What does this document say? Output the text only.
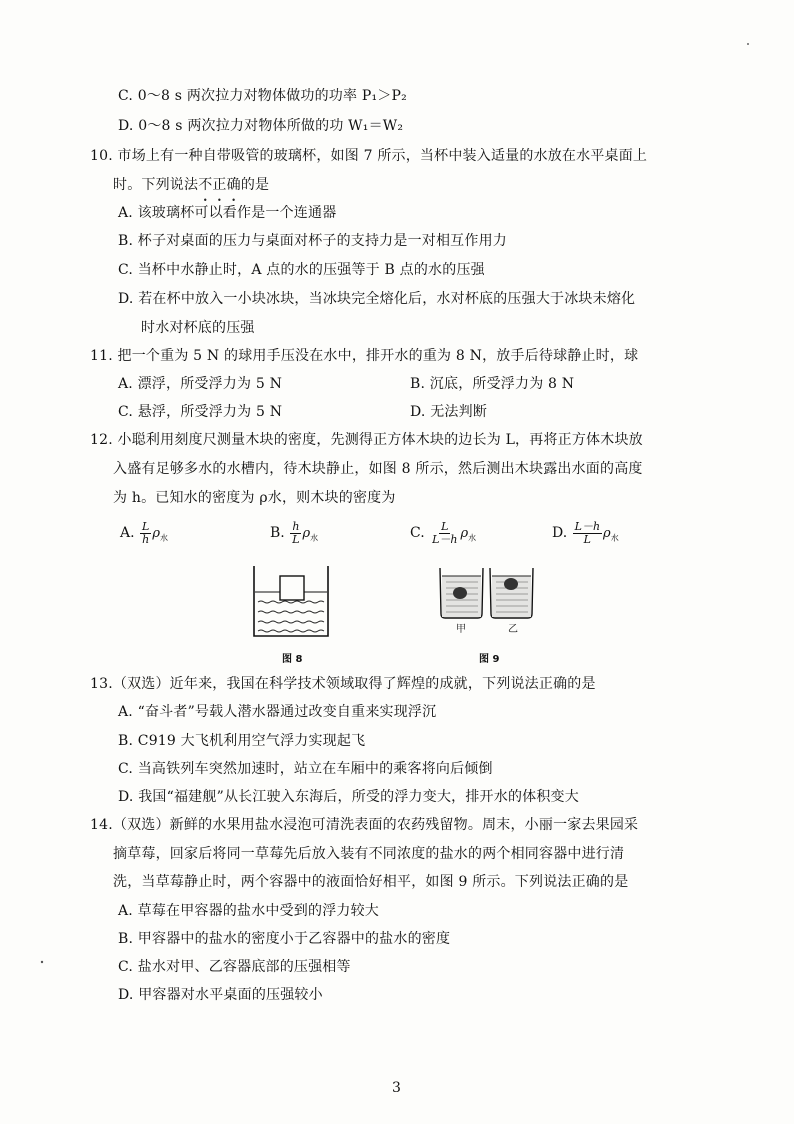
C. 0～8 s 两次拉力对物体做功的功率 P₁＞P₂
D. 0～8 s 两次拉力对物体所做的功 W₁＝W₂
10. 市场上有一种自带吸管的玻璃杯，如图 7 所示，当杯中装入适量的水放在水平桌面上
时。下列说法不正确的是
A. 该玻璃杯可以看作是一个连通器
B. 杯子对桌面的压力与桌面对杯子的支持力是一对相互作用力
C. 当杯中水静止时，A 点的水的压强等于 B 点的水的压强
D. 若在杯中放入一小块冰块，当冰块完全熔化后，水对杯底的压强大于冰块未熔化
时水对杯底的压强
11. 把一个重为 5 N 的球用手压没在水中，排开水的重为 8 N，放手后待球静止时，球
A. 漂浮，所受浮力为 5 N	B. 沉底，所受浮力为 8 N
C. 悬浮，所受浮力为 5 N	D. 无法判断
12. 小聪利用刻度尺测量木块的密度，先测得正方体木块的边长为 L，再将正方体木块放
入盛有足够多水的水槽内，待木块静止，如图 8 所示，然后测出木块露出水面的高度
为 h。已知水的密度为 ρ水，则木块的密度为
A. $\frac{L}{h} \rho_水$	B. $\frac{h}{L} \rho_水$	C. $\frac{L}{L-h} \rho_水$	D. $\frac{L-h}{L} \rho_水$
图 8
甲	乙
图 9
13.（双选）近年来，我国在科学技术领域取得了辉煌的成就，下列说法正确的是
A. “奋斗者”号载人潜水器通过改变自重来实现浮沉
B. C919 大飞机利用空气浮力实现起飞
C. 当高铁列车突然加速时，站立在车厢中的乘客将向后倾倒
D. 我国“福建舰”从长江驶入东海后，所受的浮力变大，排开水的体积变大
14.（双选）新鲜的水果用盐水浸泡可清洗表面的农药残留物。周末，小丽一家去果园采
摘草莓，回家后将同一草莓先后放入装有不同浓度的盐水的两个相同容器中进行清
洗，当草莓静止时，两个容器中的液面恰好相平，如图 9 所示。下列说法正确的是
A. 草莓在甲容器的盐水中受到的浮力较大
B. 甲容器中的盐水的密度小于乙容器中的盐水的密度
C. 盐水对甲、乙容器底部的压强相等
D. 甲容器对水平桌面的压强较小
3
